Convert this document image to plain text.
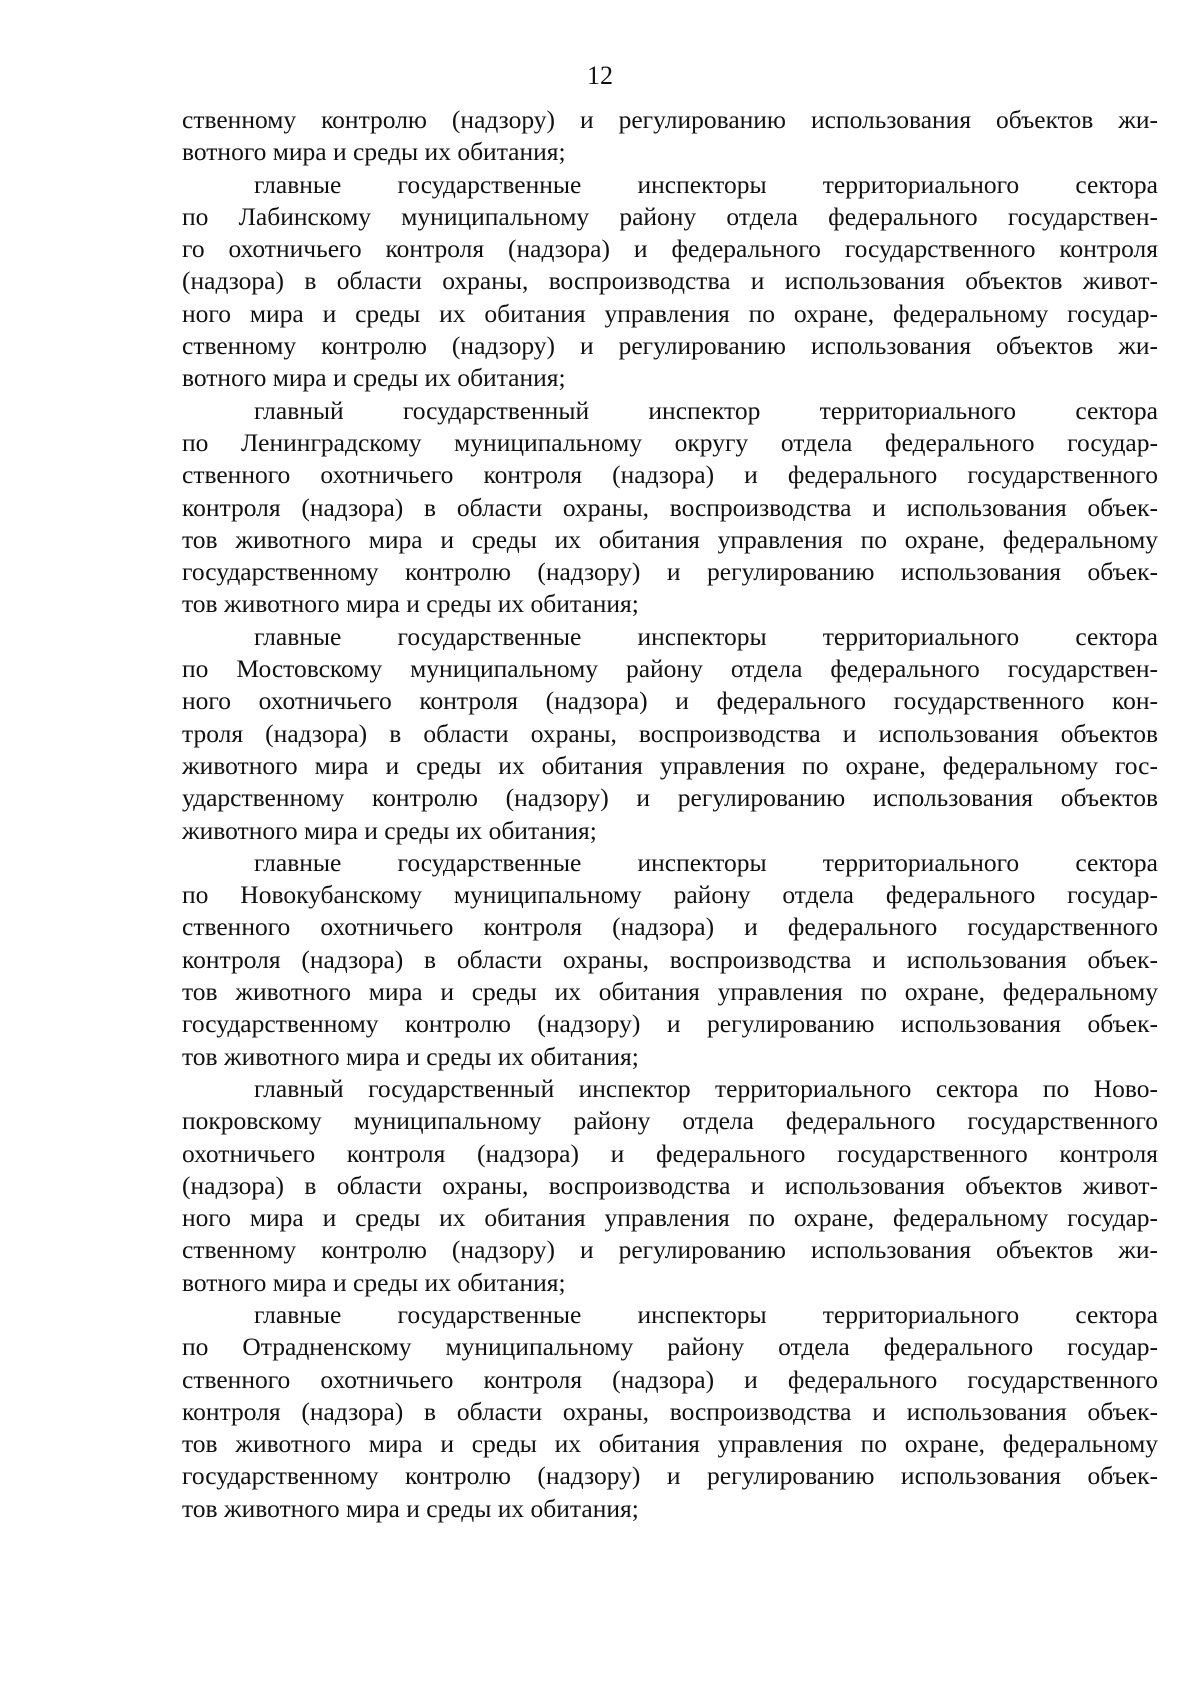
12
ственному контролю (надзору) и регулированию использования объектов жи-
вотного мира и среды их обитания;
главные государственные инспекторы территориального сектора
по Лабинскому муниципальному району отдела федерального государствен-
го охотничьего контроля (надзора) и федерального государственного контроля
(надзора) в области охраны, воспроизводства и использования объектов живот-
ного мира и среды их обитания управления по охране, федеральному государ-
ственному контролю (надзору) и регулированию использования объектов жи-
вотного мира и среды их обитания;
главный государственный инспектор территориального сектора
по Ленинградскому муниципальному округу отдела федерального государ-
ственного охотничьего контроля (надзора) и федерального государственного
контроля (надзора) в области охраны, воспроизводства и использования объек-
тов животного мира и среды их обитания управления по охране, федеральному
государственному контролю (надзору) и регулированию использования объек-
тов животного мира и среды их обитания;
главные государственные инспекторы территориального сектора
по Мостовскому муниципальному району отдела федерального государствен-
ного охотничьего контроля (надзора) и федерального государственного кон-
троля (надзора) в области охраны, воспроизводства и использования объектов
животного мира и среды их обитания управления по охране, федеральному гос-
ударственному контролю (надзору) и регулированию использования объектов
животного мира и среды их обитания;
главные государственные инспекторы территориального сектора
по Новокубанскому муниципальному району отдела федерального государ-
ственного охотничьего контроля (надзора) и федерального государственного
контроля (надзора) в области охраны, воспроизводства и использования объек-
тов животного мира и среды их обитания управления по охране, федеральному
государственному контролю (надзору) и регулированию использования объек-
тов животного мира и среды их обитания;
главный государственный инспектор территориального сектора по Ново-
покровскому муниципальному району отдела федерального государственного
охотничьего контроля (надзора) и федерального государственного контроля
(надзора) в области охраны, воспроизводства и использования объектов живот-
ного мира и среды их обитания управления по охране, федеральному государ-
ственному контролю (надзору) и регулированию использования объектов жи-
вотного мира и среды их обитания;
главные государственные инспекторы территориального сектора
по Отрадненскому муниципальному району отдела федерального государ-
ственного охотничьего контроля (надзора) и федерального государственного
контроля (надзора) в области охраны, воспроизводства и использования объек-
тов животного мира и среды их обитания управления по охране, федеральному
государственному контролю (надзору) и регулированию использования объек-
тов животного мира и среды их обитания;
